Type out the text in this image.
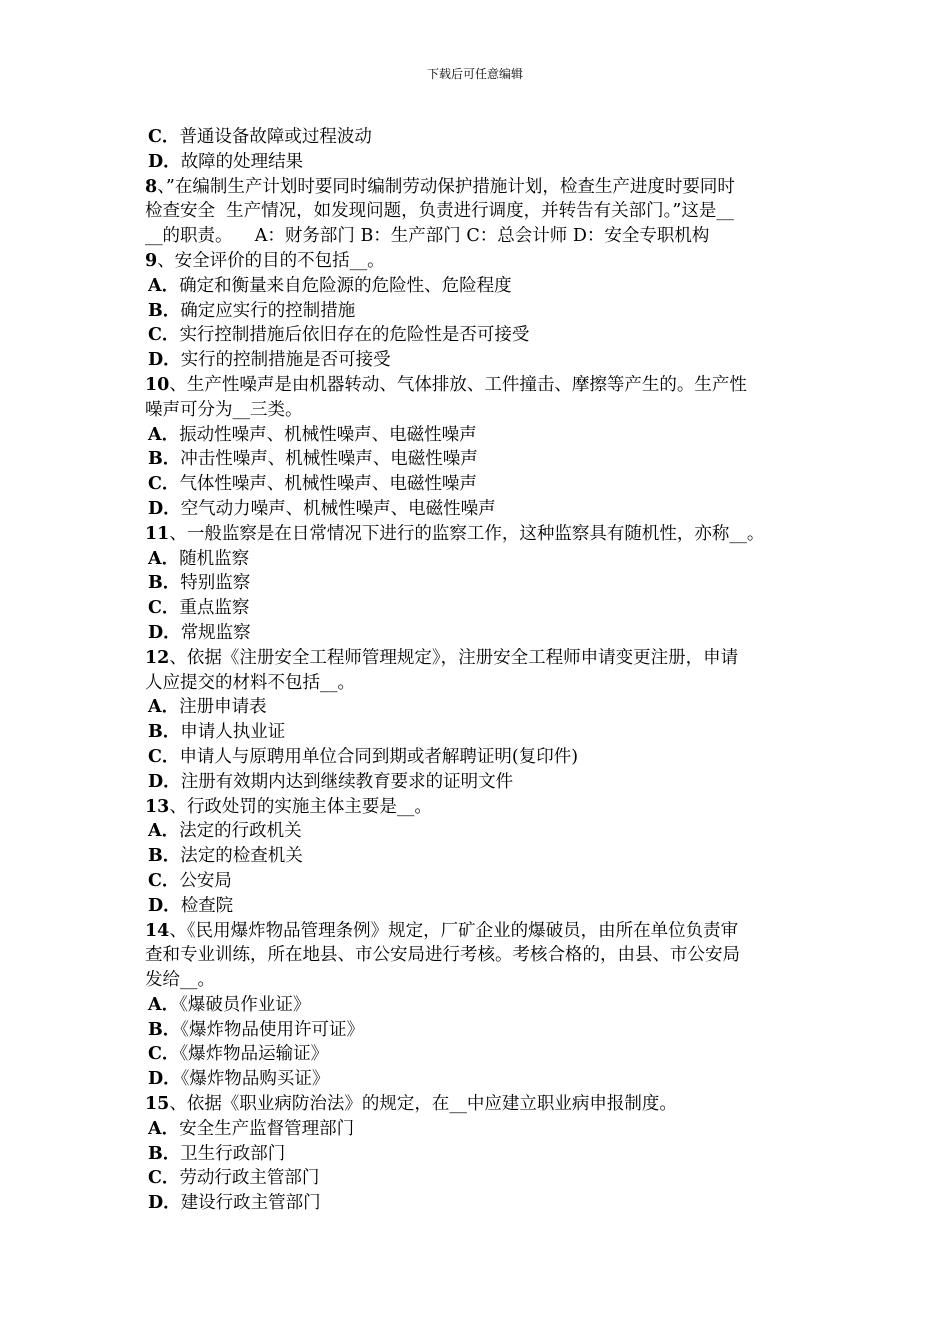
下载后可任意编辑
C．普通设备故障或过程波动
D．故障的处理结果
8、”在编制生产计划时要同时编制劳动保护措施计划，检查生产进度时要同时
检查安全  生产情况，如发现问题，负责进行调度，并转告有关部门。”这是__
__的职责。    A：财务部门 B：生产部门 C：总会计师 D：安全专职机构
9、安全评价的目的不包括__。
A．确定和衡量来自危险源的危险性、危险程度
B．确定应实行的控制措施
C．实行控制措施后依旧存在的危险性是否可接受
D．实行的控制措施是否可接受
10、生产性噪声是由机器转动、气体排放、工件撞击、摩擦等产生的。生产性
噪声可分为__三类。
A．振动性噪声、机械性噪声、电磁性噪声
B．冲击性噪声、机械性噪声、电磁性噪声
C．气体性噪声、机械性噪声、电磁性噪声
D．空气动力噪声、机械性噪声、电磁性噪声
11、一般监察是在日常情况下进行的监察工作，这种监察具有随机性，亦称__。
A．随机监察
B．特别监察
C．重点监察
D．常规监察
12、依据《注册安全工程师管理规定》，注册安全工程师申请变更注册，申请
人应提交的材料不包括__。
A．注册申请表
B．申请人执业证
C．申请人与原聘用单位合同到期或者解聘证明(复印件)
D．注册有效期内达到继续教育要求的证明文件
13、行政处罚的实施主体主要是__。
A．法定的行政机关
B．法定的检查机关
C．公安局
D．检查院
14、《民用爆炸物品管理条例》规定，厂矿企业的爆破员，由所在单位负责审
查和专业训练，所在地县、市公安局进行考核。考核合格的，由县、市公安局
发给__。
A．《爆破员作业证》
B．《爆炸物品使用许可证》
C．《爆炸物品运输证》
D．《爆炸物品购买证》
15、依据《职业病防治法》的规定，在__中应建立职业病申报制度。
A．安全生产监督管理部门
B．卫生行政部门
C．劳动行政主管部门
D．建设行政主管部门
